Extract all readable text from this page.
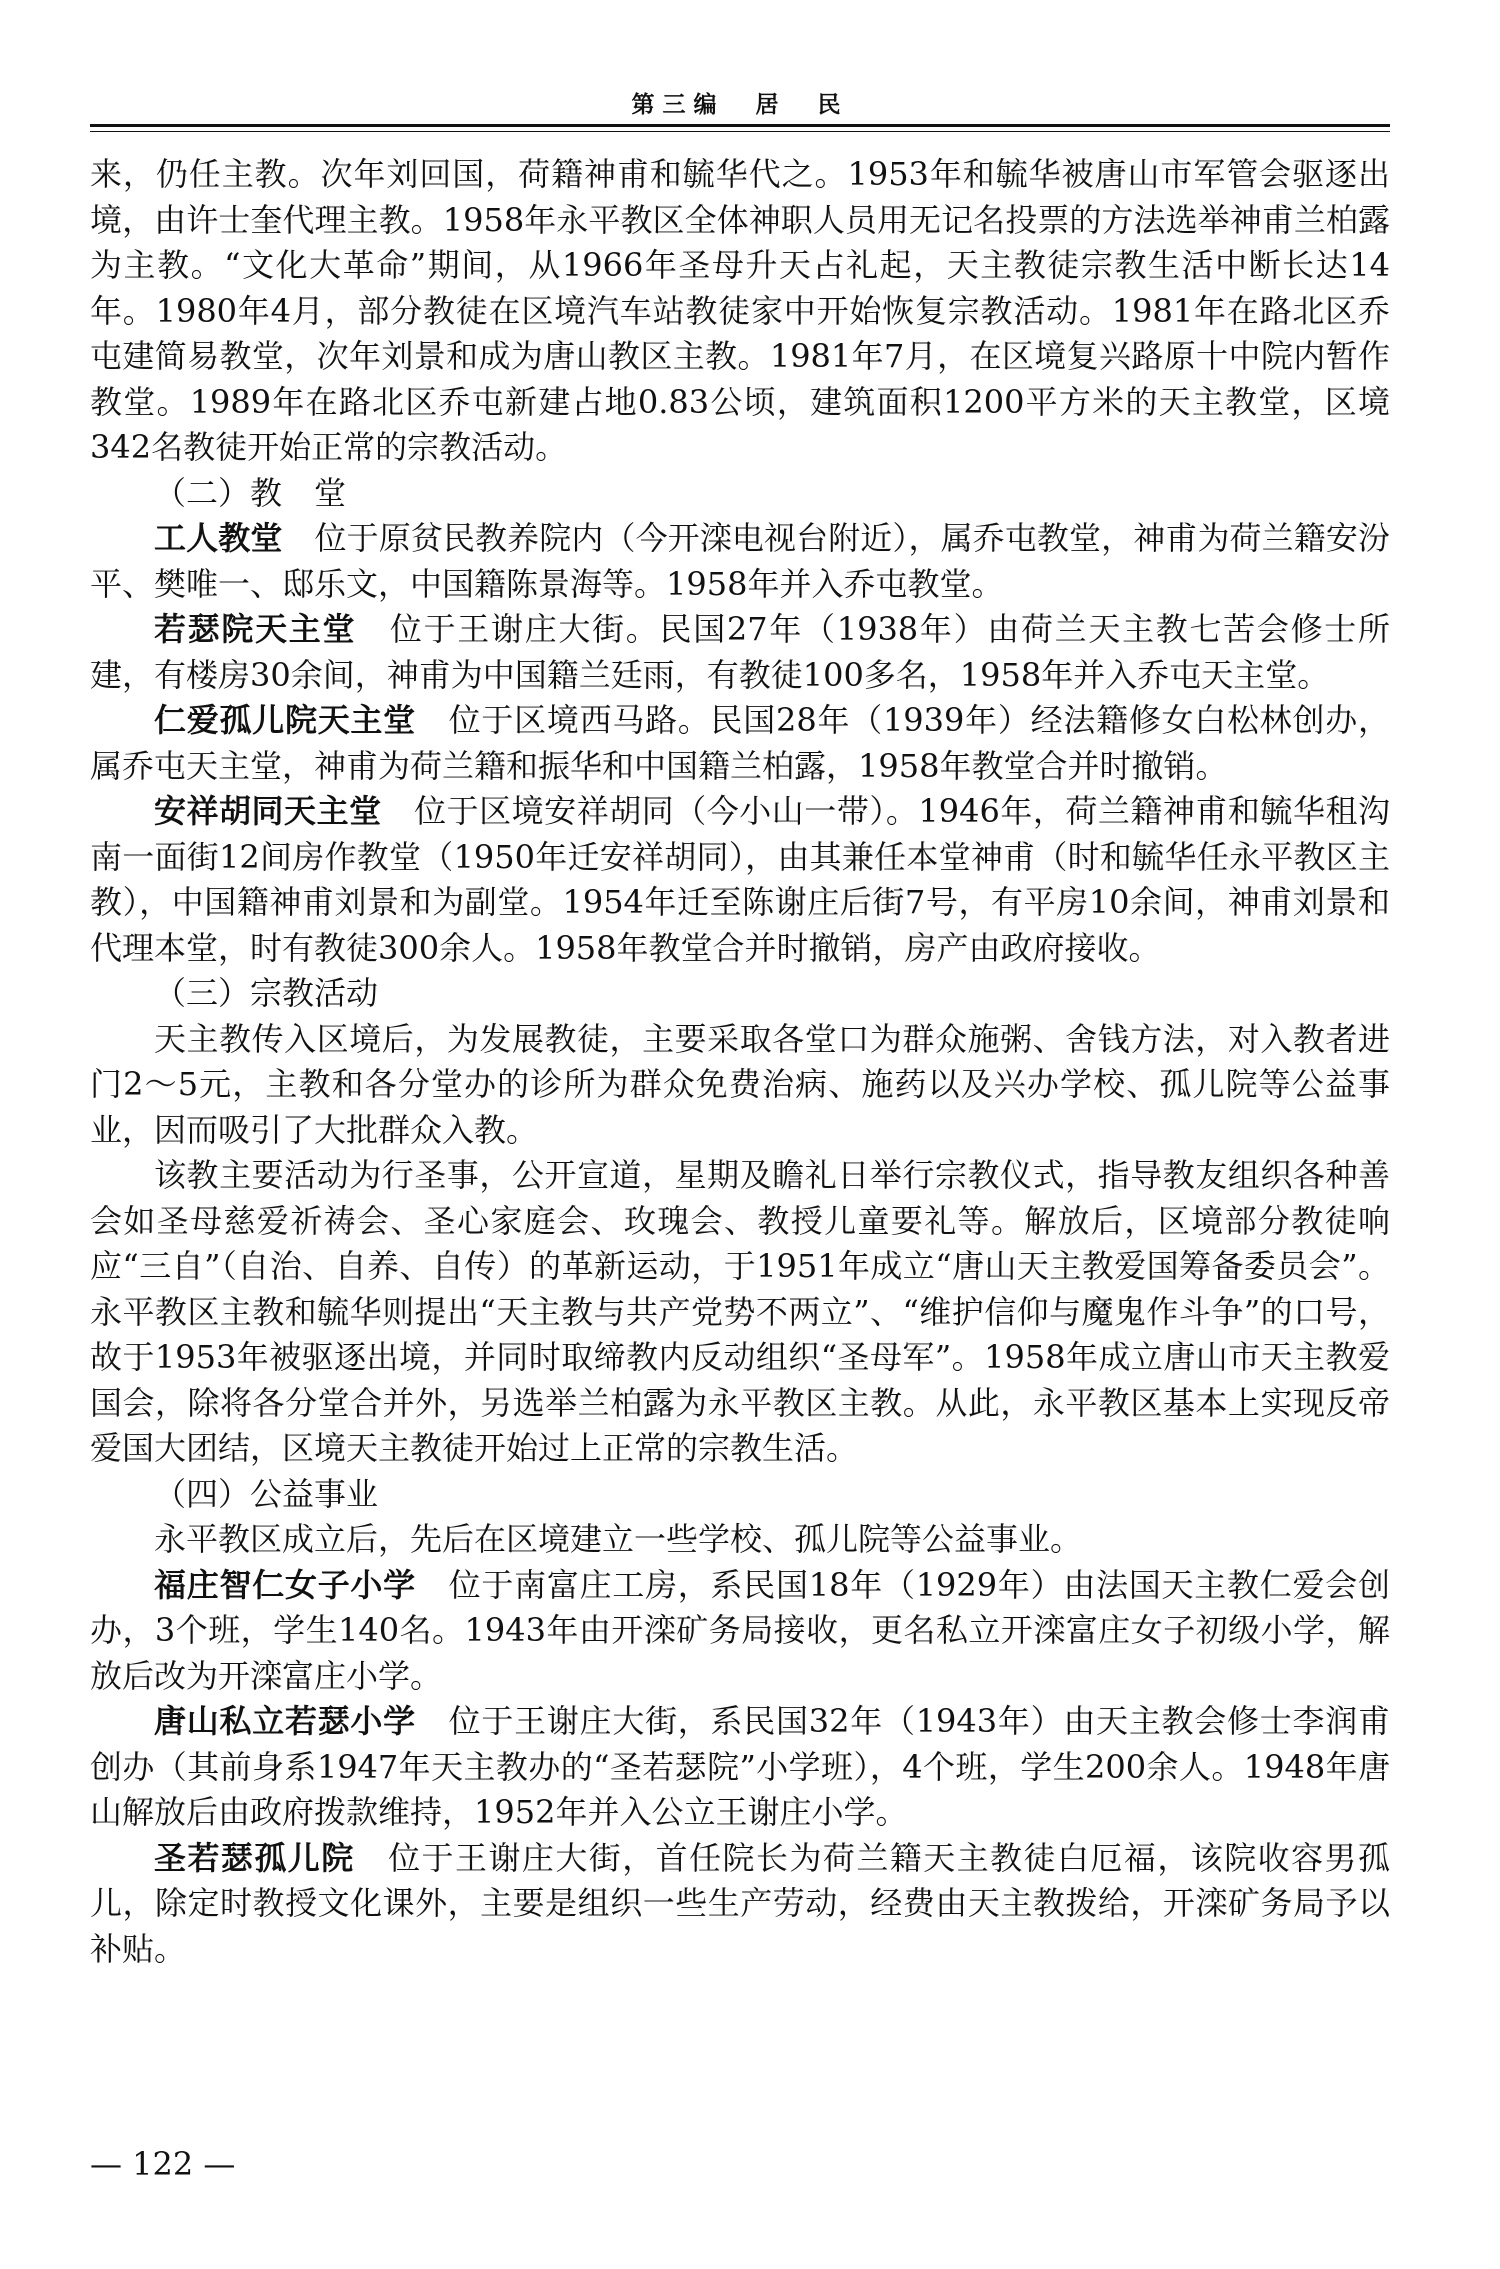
第三编　居　民

来，仍任主教。次年刘回国，荷籍神甫和毓华代之。1953年和毓华被唐山市军管会驱逐出境，由许士奎代理主教。1958年永平教区全体神职人员用无记名投票的方法选举神甫兰柏露为主教。“文化大革命”期间，从1966年圣母升天占礼起，天主教徒宗教生活中断长达14年。1980年4月，部分教徒在区境汽车站教徒家中开始恢复宗教活动。1981年在路北区乔屯建简易教堂，次年刘景和成为唐山教区主教。1981年7月，在区境复兴路原十中院内暂作教堂。1989年在路北区乔屯新建占地0.83公顷，建筑面积1200平方米的天主教堂，区境342名教徒开始正常的宗教活动。

（二）教　堂

工人教堂 位于原贫民教养院内（今开滦电视台附近），属乔屯教堂，神甫为荷兰籍安汾平、樊唯一、邸乐文，中国籍陈景海等。1958年并入乔屯教堂。

若瑟院天主堂 位于王谢庄大街。民国27年（1938年）由荷兰天主教七苦会修士所建，有楼房30余间，神甫为中国籍兰廷雨，有教徒100多名，1958年并入乔屯天主堂。

仁爱孤儿院天主堂 位于区境西马路。民国28年（1939年）经法籍修女白松林创办，属乔屯天主堂，神甫为荷兰籍和振华和中国籍兰柏露，1958年教堂合并时撤销。

安祥胡同天主堂 位于区境安祥胡同（今小山一带）。1946年，荷兰籍神甫和毓华租沟南一面街12间房作教堂（1950年迁安祥胡同），由其兼任本堂神甫（时和毓华任永平教区主教），中国籍神甫刘景和为副堂。1954年迁至陈谢庄后街7号，有平房10余间，神甫刘景和代理本堂，时有教徒300余人。1958年教堂合并时撤销，房产由政府接收。

（三）宗教活动

天主教传入区境后，为发展教徒，主要采取各堂口为群众施粥、舍钱方法，对入教者进门2～5元，主教和各分堂办的诊所为群众免费治病、施药以及兴办学校、孤儿院等公益事业，因而吸引了大批群众入教。

该教主要活动为行圣事，公开宣道，星期及瞻礼日举行宗教仪式，指导教友组织各种善会如圣母慈爱祈祷会、圣心家庭会、玫瑰会、教授儿童要礼等。解放后，区境部分教徒响应“三自”（自治、自养、自传）的革新运动，于1951年成立“唐山天主教爱国筹备委员会”。永平教区主教和毓华则提出“天主教与共产党势不两立”、“维护信仰与魔鬼作斗争”的口号，故于1953年被驱逐出境，并同时取缔教内反动组织“圣母军”。1958年成立唐山市天主教爱国会，除将各分堂合并外，另选举兰柏露为永平教区主教。从此，永平教区基本上实现反帝爱国大团结，区境天主教徒开始过上正常的宗教生活。

（四）公益事业

永平教区成立后，先后在区境建立一些学校、孤儿院等公益事业。

福庄智仁女子小学 位于南富庄工房，系民国18年（1929年）由法国天主教仁爱会创办，3个班，学生140名。1943年由开滦矿务局接收，更名私立开滦富庄女子初级小学，解放后改为开滦富庄小学。

唐山私立若瑟小学 位于王谢庄大街，系民国32年（1943年）由天主教会修士李润甫创办（其前身系1947年天主教办的“圣若瑟院”小学班），4个班，学生200余人。1948年唐山解放后由政府拨款维持，1952年并入公立王谢庄小学。

圣若瑟孤儿院 位于王谢庄大街，首任院长为荷兰籍天主教徒白厄福，该院收容男孤儿，除定时教授文化课外，主要是组织一些生产劳动，经费由天主教拨给，开滦矿务局予以补贴。

— 122 —
